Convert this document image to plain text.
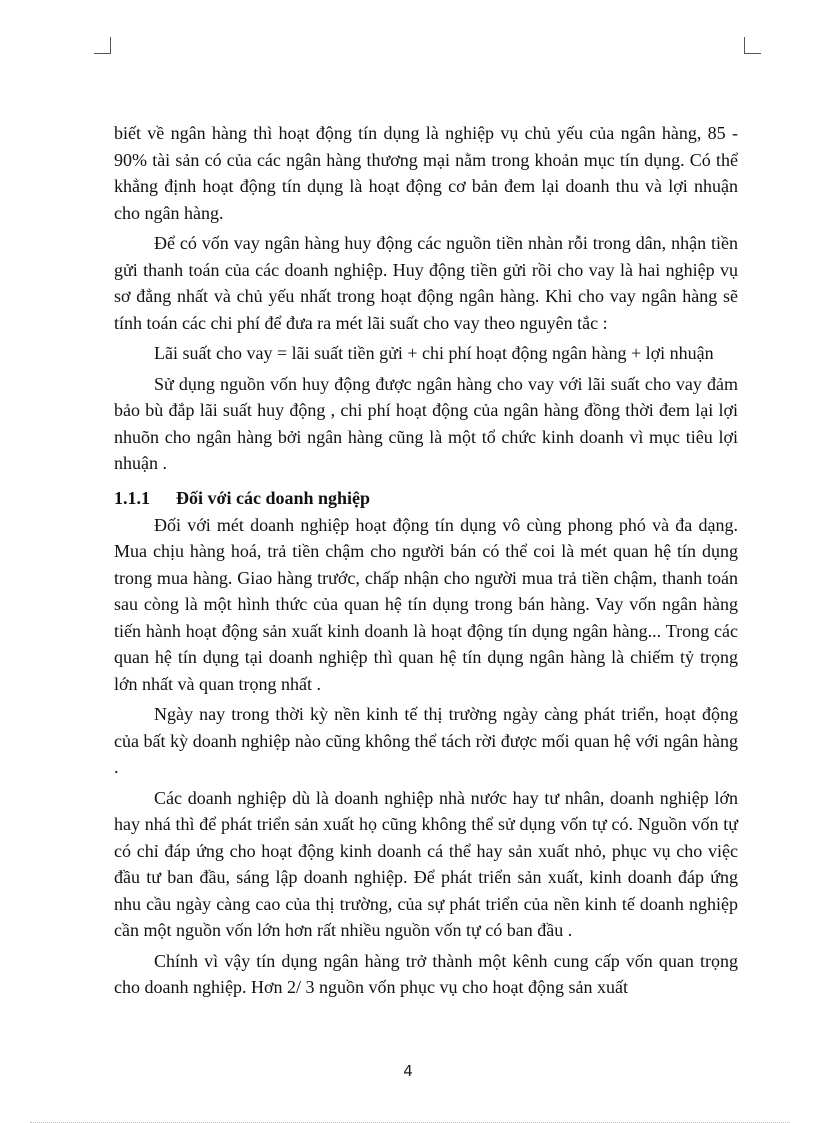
biết về ngân hàng thì hoạt động tín dụng là nghiệp vụ chủ yếu của ngân hàng, 85 - 90% tài sản có của các ngân hàng thương mại nằm trong khoản mục tín dụng. Có thể khẳng định hoạt động tín dụng là hoạt động cơ bản đem lại doanh thu và lợi nhuận cho ngân hàng.

Để có vốn vay ngân hàng huy động các nguồn tiền nhàn rỗi trong dân, nhận tiền gửi thanh toán của các doanh nghiệp. Huy động tiền gửi rồi cho vay là hai nghiệp vụ sơ đẳng nhất và chủ yếu nhất trong hoạt động ngân hàng. Khi cho vay ngân hàng sẽ tính toán các chi phí để đưa ra mét lãi suất cho vay theo nguyên tắc :

Lãi suất cho vay = lãi suất tiền gửi + chi phí hoạt động ngân hàng + lợi nhuận

Sử dụng nguồn vốn huy động được ngân hàng cho vay với lãi suất cho vay đảm bảo bù đắp lãi suất huy động , chi phí hoạt động của ngân hàng đồng thời đem lại lợi nhuõn cho ngân hàng bởi ngân hàng cũng là một tổ chức kinh doanh vì mục tiêu lợi nhuận .

1.1.1	Đối với các doanh nghiệp

Đối với mét doanh nghiệp hoạt động tín dụng vô cùng phong phó và đa dạng. Mua chịu hàng hoá, trả tiền chậm cho người bán có thể coi là mét quan hệ tín dụng trong mua hàng. Giao hàng trước, chấp nhận cho người mua trả tiền chậm, thanh toán sau còng là một hình thức của quan hệ tín dụng trong bán hàng. Vay vốn ngân hàng tiến hành hoạt động sản xuất kinh doanh là hoạt động tín dụng ngân hàng... Trong các quan hệ tín dụng tại doanh nghiệp thì quan hệ tín dụng ngân hàng là chiếm tỷ trọng lớn nhất và quan trọng nhất .

Ngày nay trong thời kỳ nền kinh tế thị trường ngày càng phát triển, hoạt động của bất kỳ doanh nghiệp nào cũng không thể tách rời được mối quan hệ với ngân hàng .

Các doanh nghiệp dù là doanh nghiệp nhà nước hay tư nhân, doanh nghiệp lớn hay nhá thì để phát triển sản xuất họ cũng không thể sử dụng vốn tự có. Nguồn vốn tự có chỉ đáp ứng cho hoạt động kinh doanh cá thể hay sản xuất nhỏ, phục vụ cho việc đầu tư ban đầu, sáng lập doanh nghiệp. Để phát triển sản xuất, kinh doanh đáp ứng nhu cầu ngày càng cao của thị trường, của sự phát triển của nền kinh tế doanh nghiệp cần một nguồn vốn lớn hơn rất nhiều nguồn vốn tự có ban đầu .

Chính vì vậy tín dụng ngân hàng trở thành một kênh cung cấp vốn quan trọng cho doanh nghiệp. Hơn 2/ 3 nguồn vốn phục vụ cho hoạt động sản xuất

4
